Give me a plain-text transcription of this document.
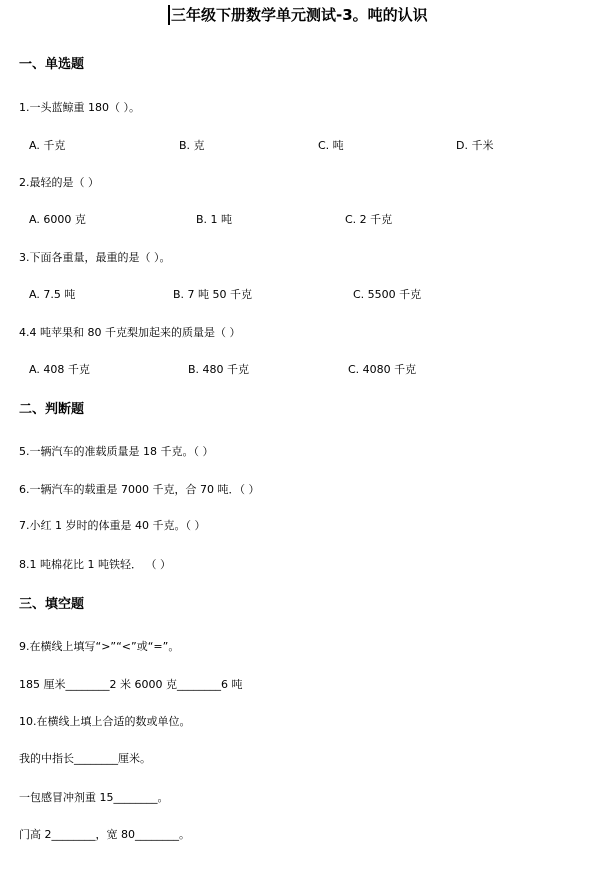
三年级下册数学单元测试-3。吨的认识
一、单选题
1.一头蓝鲸重 180（ ）。
A. 千克	B. 克	C. 吨	D. 千米
2.最轻的是（ ）
A. 6000 克	B. 1 吨	C. 2 千克
3.下面各重量，最重的是（ ）。
A. 7.5 吨	B. 7 吨 50 千克	C. 5500 千克
4.4 吨苹果和 80 千克梨加起来的质量是（ ）
A. 408 千克	B. 480 千克	C. 4080 千克
二、判断题
5.一辆汽车的准载质量是 18 千克。（ ）
6.一辆汽车的载重是 7000 千克，合 70 吨．（ ）
7.小红 1 岁时的体重是 40 千克。（ ）
8.1 吨棉花比 1 吨铁轻． （ ）
三、填空题
9.在横线上填写“>”“<”或“=”。
185 厘米________2 米 6000 克________6 吨
10.在横线上填上合适的数或单位。
我的中指长________厘米。
一包感冒冲剂重 15________。
门高 2________，宽 80________。
